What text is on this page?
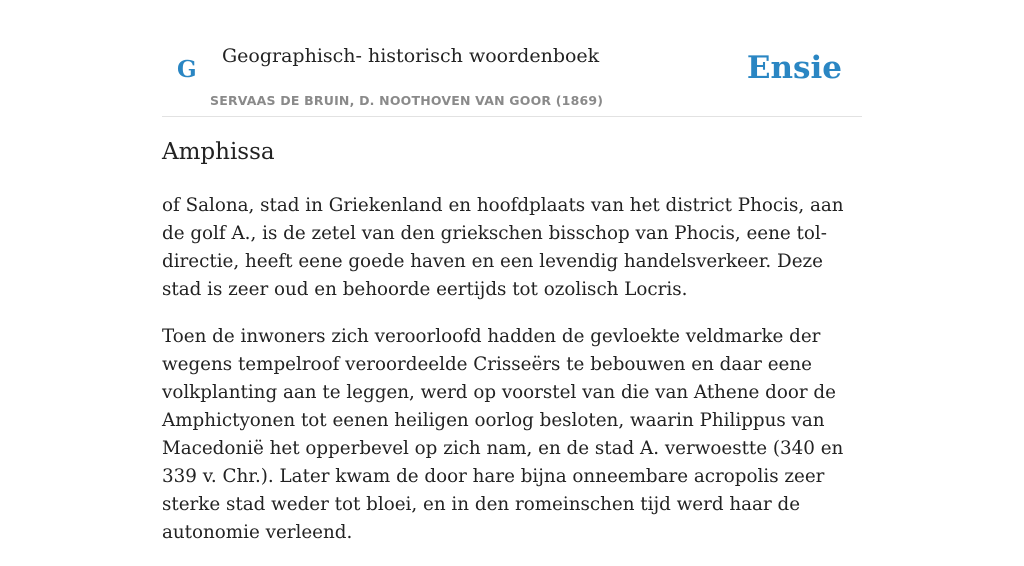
G Geographisch- historisch woordenboek
SERVAAS DE BRUIN, D. NOOTHOVEN VAN GOOR (1869)
Ensie
Amphissa

of Salona, stad in Griekenland en hoofdplaats van het district Phocis, aan de golf A., is de zetel van den griekschen bisschop van Phocis, eene tol-directie, heeft eene goede haven en een levendig handelsverkeer. Deze stad is zeer oud en behoorde eertijds tot ozolisch Locris.

Toen de inwoners zich veroorloofd hadden de gevloekte veldmarke der wegens tempelroof veroordeelde Crisseërs te bebouwen en daar eene volkplanting aan te leggen, werd op voorstel van die van Athene door de Amphictyonen tot eenen heiligen oorlog besloten, waarin Philippus van Macedonië het opperbevel op zich nam, en de stad A. verwoestte (340 en 339 v. Chr.). Later kwam de door hare bijna onneembare acropolis zeer sterke stad weder tot bloei, en in den romeinschen tijd werd haar de autonomie verleend.
